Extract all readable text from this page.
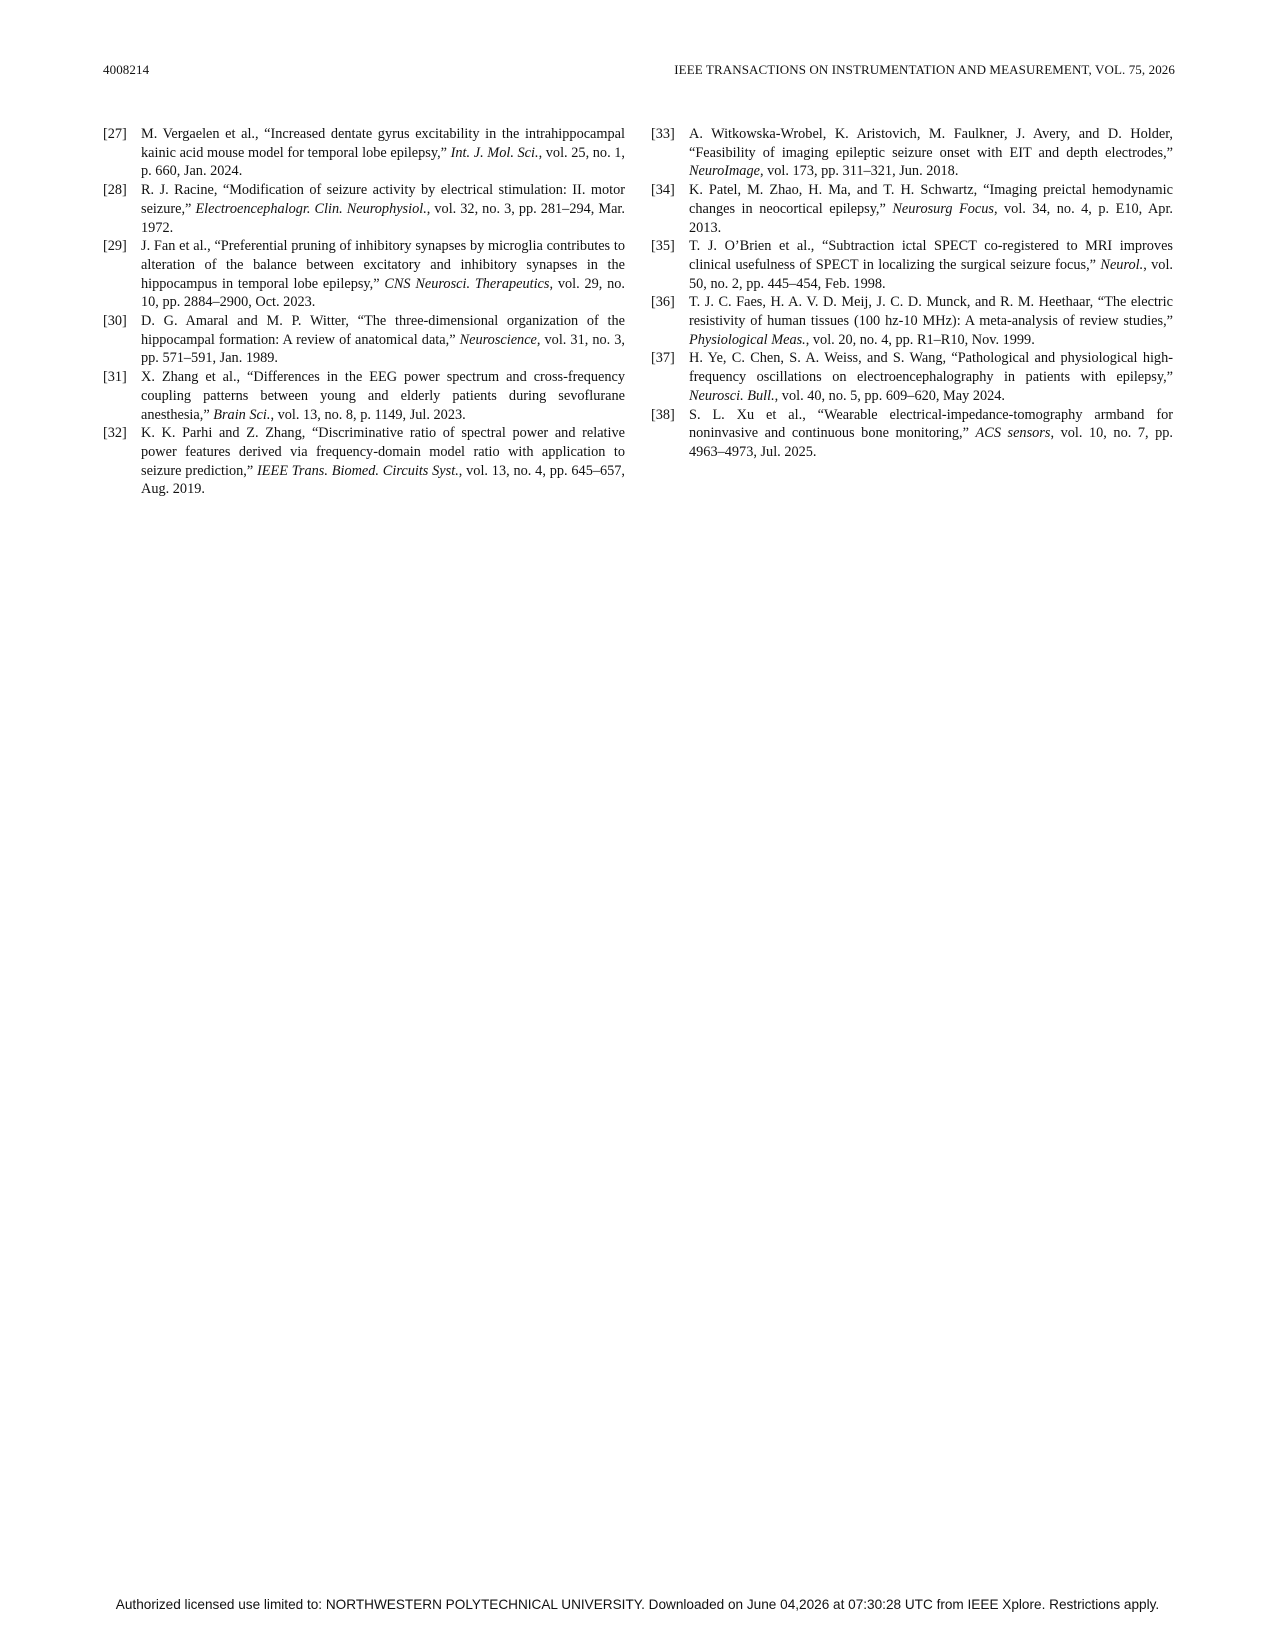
4008214	IEEE TRANSACTIONS ON INSTRUMENTATION AND MEASUREMENT, VOL. 75, 2026
[27] M. Vergaelen et al., “Increased dentate gyrus excitability in the intrahippocampal kainic acid mouse model for temporal lobe epilepsy,” Int. J. Mol. Sci., vol. 25, no. 1, p. 660, Jan. 2024.
[28] R. J. Racine, “Modification of seizure activity by electrical stimulation: II. motor seizure,” Electroencephalogr. Clin. Neurophysiol., vol. 32, no. 3, pp. 281–294, Mar. 1972.
[29] J. Fan et al., “Preferential pruning of inhibitory synapses by microglia contributes to alteration of the balance between excitatory and inhibitory synapses in the hippocampus in temporal lobe epilepsy,” CNS Neurosci. Therapeutics, vol. 29, no. 10, pp. 2884–2900, Oct. 2023.
[30] D. G. Amaral and M. P. Witter, “The three-dimensional organization of the hippocampal formation: A review of anatomical data,” Neuroscience, vol. 31, no. 3, pp. 571–591, Jan. 1989.
[31] X. Zhang et al., “Differences in the EEG power spectrum and cross-frequency coupling patterns between young and elderly patients during sevoflurane anesthesia,” Brain Sci., vol. 13, no. 8, p. 1149, Jul. 2023.
[32] K. K. Parhi and Z. Zhang, “Discriminative ratio of spectral power and relative power features derived via frequency-domain model ratio with application to seizure prediction,” IEEE Trans. Biomed. Circuits Syst., vol. 13, no. 4, pp. 645–657, Aug. 2019.
[33] A. Witkowska-Wrobel, K. Aristovich, M. Faulkner, J. Avery, and D. Holder, “Feasibility of imaging epileptic seizure onset with EIT and depth electrodes,” NeuroImage, vol. 173, pp. 311–321, Jun. 2018.
[34] K. Patel, M. Zhao, H. Ma, and T. H. Schwartz, “Imaging preictal hemodynamic changes in neocortical epilepsy,” Neurosurg Focus, vol. 34, no. 4, p. E10, Apr. 2013.
[35] T. J. O’Brien et al., “Subtraction ictal SPECT co-registered to MRI improves clinical usefulness of SPECT in localizing the surgical seizure focus,” Neurol., vol. 50, no. 2, pp. 445–454, Feb. 1998.
[36] T. J. C. Faes, H. A. V. D. Meij, J. C. D. Munck, and R. M. Heethaar, “The electric resistivity of human tissues (100 hz-10 MHz): A meta-analysis of review studies,” Physiological Meas., vol. 20, no. 4, pp. R1–R10, Nov. 1999.
[37] H. Ye, C. Chen, S. A. Weiss, and S. Wang, “Pathological and physiological high-frequency oscillations on electroencephalography in patients with epilepsy,” Neurosci. Bull., vol. 40, no. 5, pp. 609–620, May 2024.
[38] S. L. Xu et al., “Wearable electrical-impedance-tomography armband for noninvasive and continuous bone monitoring,” ACS sensors, vol. 10, no. 7, pp. 4963–4973, Jul. 2025.
Authorized licensed use limited to: NORTHWESTERN POLYTECHNICAL UNIVERSITY. Downloaded on June 04,2026 at 07:30:28 UTC from IEEE Xplore. Restrictions apply.
